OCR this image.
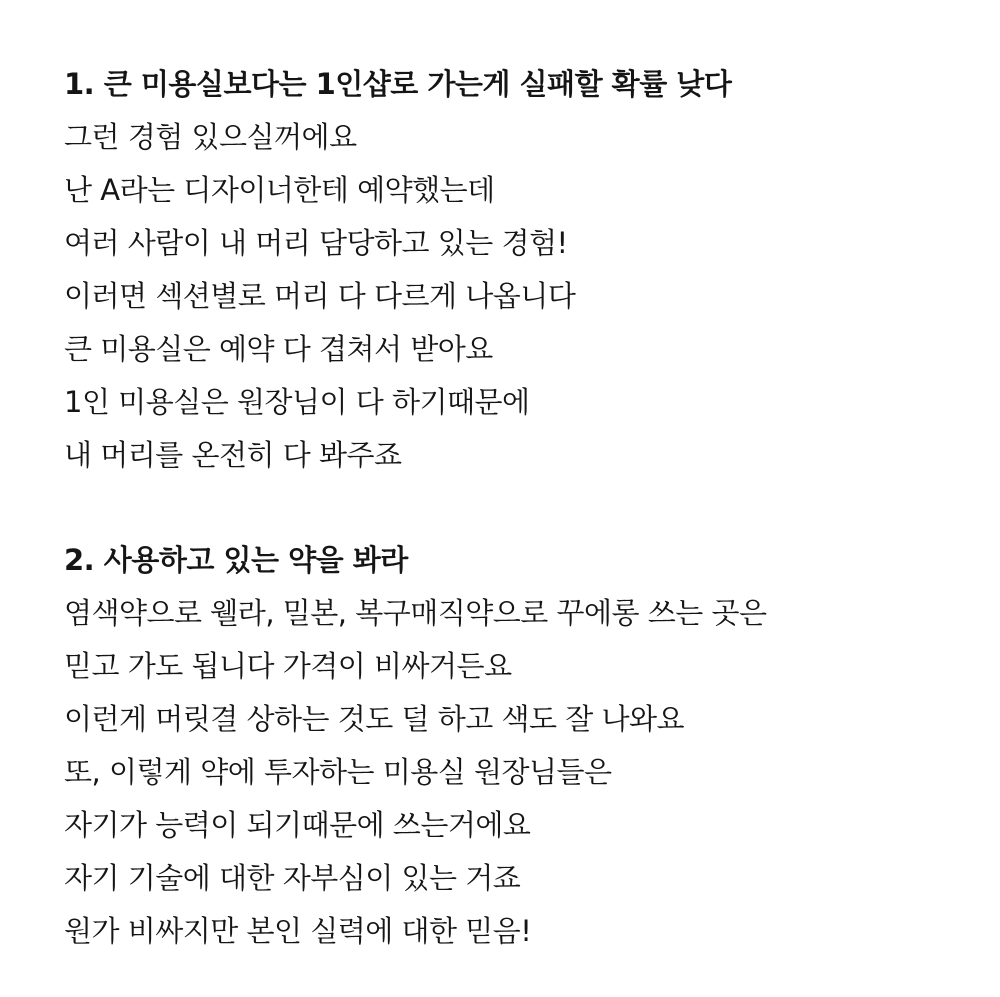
1. 큰 미용실보다는 1인샵로 가는게 실패할 확률 낮다
그런 경험 있으실꺼에요
난 A라는 디자이너한테 예약했는데
여러 사람이 내 머리 담당하고 있는 경험!
이러면 섹션별로 머리 다 다르게 나옵니다
큰 미용실은 예약 다 겹쳐서 받아요
1인 미용실은 원장님이 다 하기때문에
내 머리를 온전히 다 봐주죠
2. 사용하고 있는 약을 봐라
염색약으로 웰라, 밀본, 복구매직약으로 꾸에롱 쓰는 곳은
믿고 가도 됩니다 가격이 비싸거든요
이런게 머릿결 상하는 것도 덜 하고 색도 잘 나와요
또, 이렇게 약에 투자하는 미용실 원장님들은
자기가 능력이 되기때문에 쓰는거에요
자기 기술에 대한 자부심이 있는 거죠
원가 비싸지만 본인 실력에 대한 믿음!
